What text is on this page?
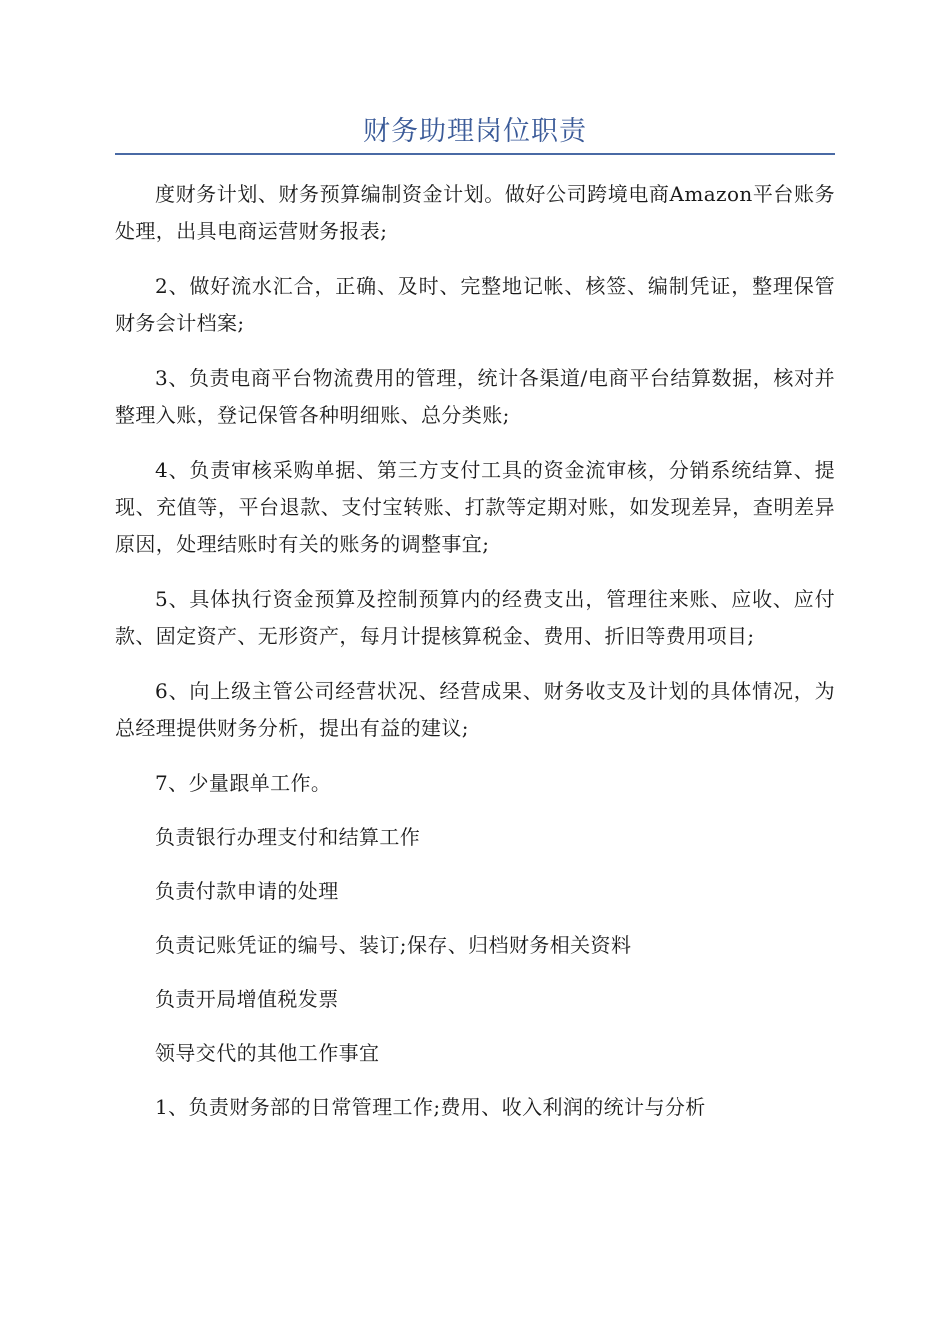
财务助理岗位职责

度财务计划、财务预算编制资金计划。做好公司跨境电商Amazon平台账务处理，出具电商运营财务报表;

2、做好流水汇合，正确、及时、完整地记帐、核签、编制凭证，整理保管财务会计档案;

3、负责电商平台物流费用的管理，统计各渠道/电商平台结算数据，核对并整理入账，登记保管各种明细账、总分类账;

4、负责审核采购单据、第三方支付工具的资金流审核，分销系统结算、提现、充值等，平台退款、支付宝转账、打款等定期对账，如发现差异，查明差异原因，处理结账时有关的账务的调整事宜;

5、具体执行资金预算及控制预算内的经费支出，管理往来账、应收、应付款、固定资产、无形资产，每月计提核算税金、费用、折旧等费用项目;

6、向上级主管公司经营状况、经营成果、财务收支及计划的具体情况，为总经理提供财务分析，提出有益的建议;

7、少量跟单工作。

负责银行办理支付和结算工作

负责付款申请的处理

负责记账凭证的编号、装订;保存、归档财务相关资料

负责开局增值税发票

领导交代的其他工作事宜

1、负责财务部的日常管理工作;费用、收入利润的统计与分析
